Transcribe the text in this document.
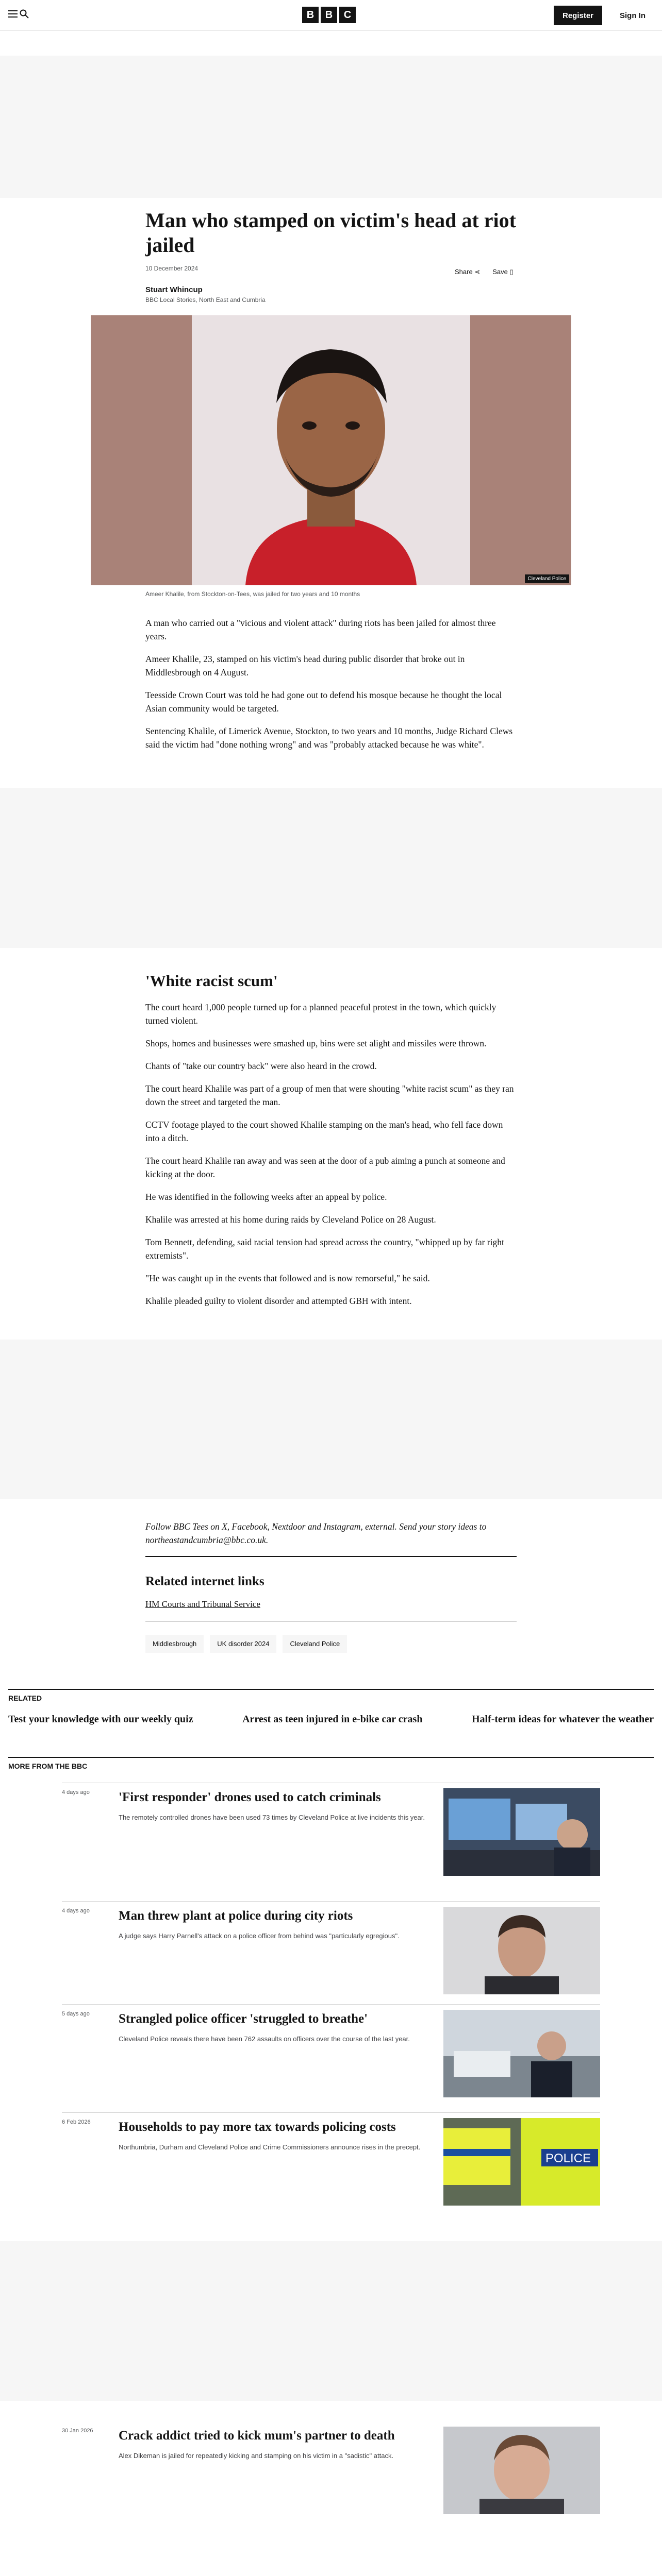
B	B	C	Register	Sign In
Man who stamped on victim's head at riot jailed
10 December 2024
Stuart Whincup
BBC Local Stories, North East and Cumbria
Share ⋖ Save ▯
Cleveland Police
Ameer Khalile, from Stockton-on-Tees, was jailed for two years and 10 months

A man who carried out a "vicious and violent attack" during riots has been jailed for almost three years.

Ameer Khalile, 23, stamped on his victim's head during public disorder that broke out in Middlesbrough on 4 August.

Teesside Crown Court was told he had gone out to defend his mosque because he thought the local Asian community would be targeted.

Sentencing Khalile, of Limerick Avenue, Stockton, to two years and 10 months, Judge Richard Clews said the victim had "done nothing wrong" and was "probably attacked because he was white".

'White racist scum'

The court heard 1,000 people turned up for a planned peaceful protest in the town, which quickly turned violent.

Shops, homes and businesses were smashed up, bins were set alight and missiles were thrown.

Chants of "take our country back" were also heard in the crowd.

The court heard Khalile was part of a group of men that were shouting "white racist scum" as they ran down the street and targeted the man.

CCTV footage played to the court showed Khalile stamping on the man's head, who fell face down into a ditch.

The court heard Khalile ran away and was seen at the door of a pub aiming a punch at someone and kicking at the door.

He was identified in the following weeks after an appeal by police.

Khalile was arrested at his home during raids by Cleveland Police on 28 August.

Tom Bennett, defending, said racial tension had spread across the country, "whipped up by far right extremists".

"He was caught up in the events that followed and is now remorseful," he said.

Khalile pleaded guilty to violent disorder and attempted GBH with intent.

Follow BBC Tees on X, Facebook, Nextdoor and Instagram, external. Send your story ideas to northeastandcumbria@bbc.co.uk.

Related internet links
HM Courts and Tribunal Service
Middlesbrough	UK disorder 2024	Cleveland Police
RELATED
Test your knowledge with our weekly quiz	Arrest as teen injured in e-bike car crash	Half-term ideas for whatever the weather
MORE FROM THE BBC
4 days ago 'First responder' drones used to catch criminals
The remotely controlled drones have been used 73 times by Cleveland Police at live incidents this year.
4 days ago Man threw plant at police during city riots
A judge says Harry Parnell's attack on a police officer from behind was "particularly egregious".
5 days ago Strangled police officer 'struggled to breathe'
Cleveland Police reveals there have been 762 assaults on officers over the course of the last year.
6 Feb 2026 Households to pay more tax towards policing costs
Northumbria, Durham and Cleveland Police and Crime Commissioners announce rises in the precept.
POLICE
30 Jan 2026 Crack addict tried to kick mum's partner to death
Alex Dikeman is jailed for repeatedly kicking and stamping on his victim in a "sadistic" attack.
